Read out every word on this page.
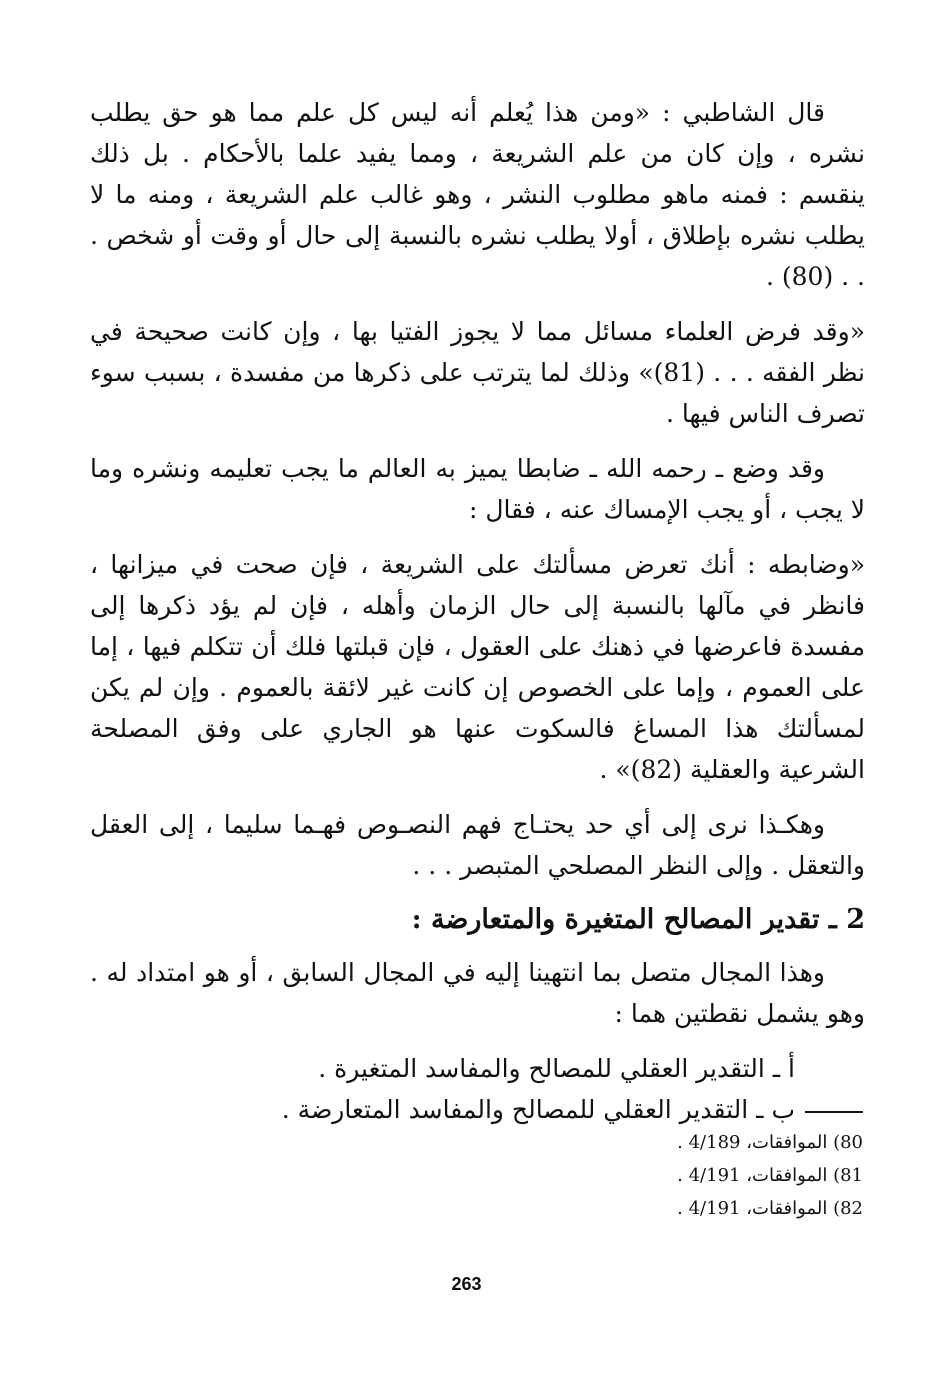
قال الشاطبي : «ومن هذا يُعلم أنه ليس كل علم مما هو حق يطلب نشره ، وإن كان من علم الشريعة ، ومما يفيد علما بالأحكام . بل ذلك ينقسم : فمنه ماهو مطلوب النشر ، وهو غالب علم الشريعة ، ومنه ما لا يطلب نشره بإطلاق ، أولا يطلب نشره بالنسبة إلى حال أو وقت أو شخص . . . (80) .

«وقد فرض العلماء مسائل مما لا يجوز الفتيا بها ، وإن كانت صحيحة في نظر الفقه . . . (81)» وذلك لما يترتب على ذكرها من مفسدة ، بسبب سوء تصرف الناس فيها .

وقد وضع ـ رحمه الله ـ ضابطا يميز به العالم ما يجب تعليمه ونشره وما لا يجب ، أو يجب الإمساك عنه ، فقال :

«وضابطه : أنك تعرض مسألتك على الشريعة ، فإن صحت في ميزانها ، فانظر في مآلها بالنسبة إلى حال الزمان وأهله ، فإن لم يؤد ذكرها إلى مفسدة فاعرضها في ذهنك على العقول ، فإن قبلتها فلك أن تتكلم فيها ، إما على العموم ، وإما على الخصوص إن كانت غير لائقة بالعموم . وإن لم يكن لمسألتك هذا المساغ فالسكوت عنها هو الجاري على وفق المصلحة الشرعية والعقلية (82)» .

وهكـذا نرى إلى أي حد يحتـاج فهم النصـوص فهـما سليما ، إلى العقل والتعقل . وإلى النظر المصلحي المتبصر . . .

2 ـ تقدير المصالح المتغيرة والمتعارضة :

وهذا المجال متصل بما انتهينا إليه في المجال السابق ، أو هو امتداد له . وهو يشمل نقطتين هما :

أ ـ التقدير العقلي للمصالح والمفاسد المتغيرة .

ب ـ التقدير العقلي للمصالح والمفاسد المتعارضة .

80) الموافقات، 4/189 .
81) الموافقات، 4/191 .
82) الموافقات، 4/191 .
263
